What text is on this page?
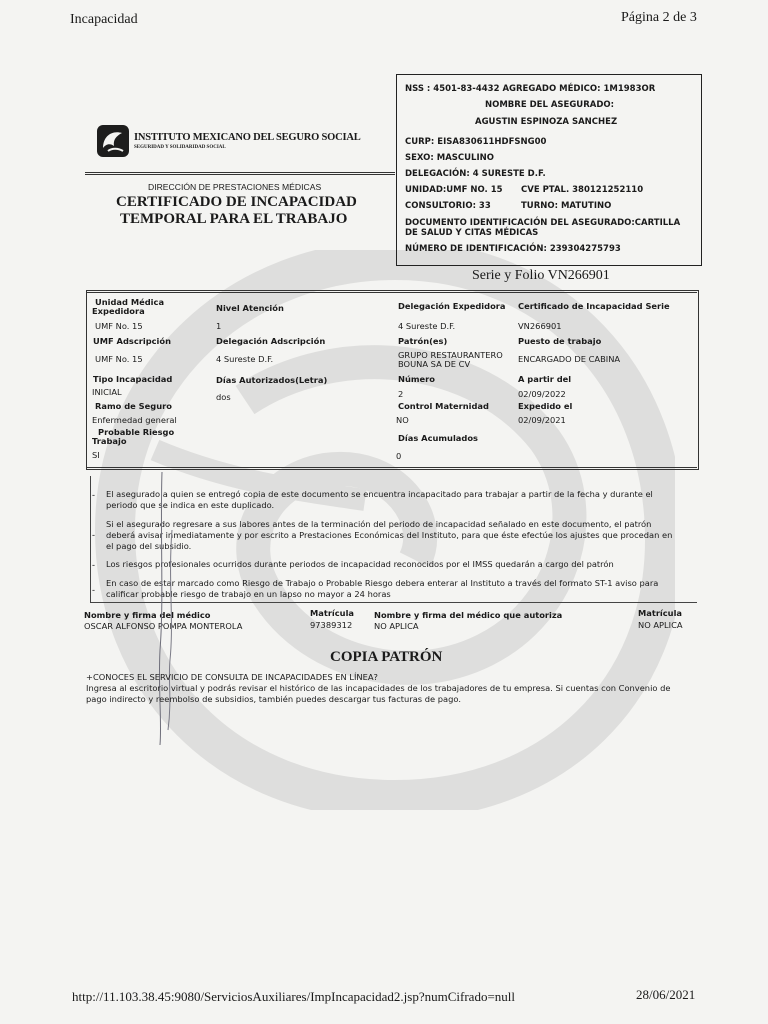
Incapacidad	Página 2 de 3
INSTITUTO MEXICANO DEL SEGURO SOCIAL
SEGURIDAD Y SOLIDARIDAD SOCIAL
DIRECCIÓN DE PRESTACIONES MÉDICAS
CERTIFICADO DE INCAPACIDAD
TEMPORAL PARA EL TRABAJO
NSS : 4501-83-4432 AGREGADO MÉDICO: 1M1983OR
NOMBRE DEL ASEGURADO:
AGUSTIN ESPINOZA SANCHEZ
CURP: EISA830611HDFSNG00
SEXO: MASCULINO
DELEGACIÓN: 4 SURESTE D.F.
UNIDAD:UMF NO. 15 CVE PTAL. 380121252110
CONSULTORIO: 33	TURNO: MATUTINO
DOCUMENTO IDENTIFICACIÓN DEL ASEGURADO:CARTILLA
DE SALUD Y CITAS MÉDICAS
NÚMERO DE IDENTIFICACIÓN: 239304275793
Serie y Folio VN266901
Unidad Médica
Expedidora
UMF No. 15
Nivel Atención
1
Delegación Expedidora
4 Sureste D.F.
Certificado de Incapacidad Serie
VN266901
UMF Adscripción
UMF No. 15
Delegación Adscripción
4 Sureste D.F.
Patrón(es)
GRUPO RESTAURANTERO
BOUNA SA DE CV
Puesto de trabajo
ENCARGADO DE CABINA
Tipo Incapacidad
INICIAL
Días Autorizados(Letra)
dos
Número
2
A partir del
02/09/2022
Ramo de Seguro
Enfermedad general
Control Maternidad
NO
Expedido el
02/09/2021
Probable Riesgo
Trabajo
SI
Días Acumulados
0
- El asegurado a quien se entregó copia de este documento se encuentra incapacitado para trabajar a partir de la fecha y durante el
periodo que se indica en este duplicado.
-
Si el asegurado regresare a sus labores antes de la terminación del periodo de incapacidad señalado en este documento, el patrón
deberá avisar inmediatamente y por escrito a Prestaciones Económicas del Instituto, para que éste efectúe los ajustes que procedan en
el pago del subsidio.
- Los riesgos profesionales ocurridos durante periodos de incapacidad reconocidos por el IMSS quedarán a cargo del patrón
-
En caso de estar marcado como Riesgo de Trabajo o Probable Riesgo debera enterar al Instituto a través del formato ST-1 aviso para
calificar probable riesgo de trabajo en un lapso no mayor a 24 horas
Nombre y firma del médico
OSCAR ALFONSO POMPA MONTEROLA
Matrícula
97389312
Nombre y firma del médico que autoriza
NO APLICA
Matrícula
NO APLICA
COPIA PATRÓN
+CONOCES EL SERVICIO DE CONSULTA DE INCAPACIDADES EN LÍNEA?
Ingresa al escritorio virtual y podrás revisar el histórico de las incapacidades de los trabajadores de tu empresa. Si cuentas con Convenio de
pago indirecto y reembolso de subsidios, también puedes descargar tus facturas de pago.
http://11.103.38.45:9080/ServiciosAuxiliares/ImpIncapacidad2.jsp?numCifrado=null	28/06/2021
